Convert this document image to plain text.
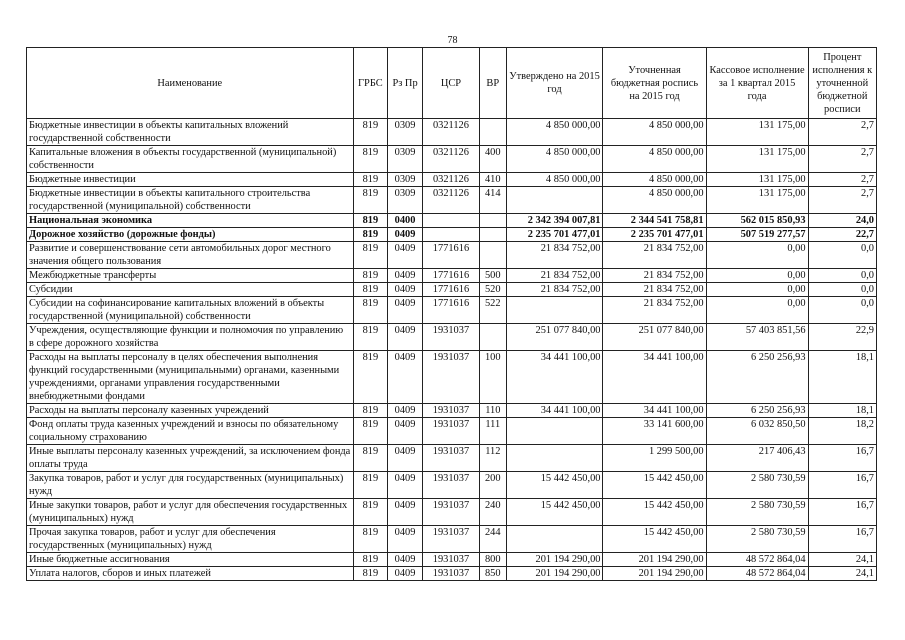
78
Наименование	ГРБС	Рз Пр	ЦСР	ВР	Утверждено на 2015 год	Уточненная бюджетная роспись на 2015 год	Кассовое исполнение за 1 квартал 2015 года	Процент исполнения к уточненной бюджетной росписи
Бюджетные инвестиции в объекты капитальных вложений государственной собственности	819	0309	0321126		4 850 000,00	4 850 000,00	131 175,00	2,7
Капитальные вложения в объекты государственной (муниципальной) собственности	819	0309	0321126	400	4 850 000,00	4 850 000,00	131 175,00	2,7
Бюджетные инвестиции	819	0309	0321126	410	4 850 000,00	4 850 000,00	131 175,00	2,7
Бюджетные инвестиции в объекты капитального строительства государственной (муниципальной) собственности	819	0309	0321126	414		4 850 000,00	131 175,00	2,7
Национальная экономика	819	0400			2 342 394 007,81	2 344 541 758,81	562 015 850,93	24,0
Дорожное хозяйство (дорожные фонды)	819	0409			2 235 701 477,01	2 235 701 477,01	507 519 277,57	22,7
Развитие и совершенствование сети автомобильных дорог местного значения общего пользования	819	0409	1771616		21 834 752,00	21 834 752,00	0,00	0,0
Межбюджетные трансферты	819	0409	1771616	500	21 834 752,00	21 834 752,00	0,00	0,0
Субсидии	819	0409	1771616	520	21 834 752,00	21 834 752,00	0,00	0,0
Субсидии на софинансирование капитальных вложений в объекты государственной (муниципальной) собственности	819	0409	1771616	522		21 834 752,00	0,00	0,0
Учреждения, осуществляющие функции и полномочия по управлению в сфере дорожного хозяйства	819	0409	1931037		251 077 840,00	251 077 840,00	57 403 851,56	22,9
Расходы на выплаты персоналу в целях обеспечения выполнения функций государственными (муниципальными) органами, казенными учреждениями, органами управления государственными внебюджетными фондами	819	0409	1931037	100	34 441 100,00	34 441 100,00	6 250 256,93	18,1
Расходы на выплаты персоналу казенных учреждений	819	0409	1931037	110	34 441 100,00	34 441 100,00	6 250 256,93	18,1
Фонд оплаты труда казенных учреждений и взносы по обязательному социальному страхованию	819	0409	1931037	111		33 141 600,00	6 032 850,50	18,2
Иные выплаты персоналу казенных учреждений, за исключением фонда оплаты труда	819	0409	1931037	112		1 299 500,00	217 406,43	16,7
Закупка товаров, работ и услуг для государственных (муниципальных) нужд	819	0409	1931037	200	15 442 450,00	15 442 450,00	2 580 730,59	16,7
Иные закупки товаров, работ и услуг для обеспечения государственных (муниципальных) нужд	819	0409	1931037	240	15 442 450,00	15 442 450,00	2 580 730,59	16,7
Прочая закупка товаров, работ и услуг для обеспечения государственных (муниципальных) нужд	819	0409	1931037	244		15 442 450,00	2 580 730,59	16,7
Иные бюджетные ассигнования	819	0409	1931037	800	201 194 290,00	201 194 290,00	48 572 864,04	24,1
Уплата налогов, сборов и иных платежей	819	0409	1931037	850	201 194 290,00	201 194 290,00	48 572 864,04	24,1
